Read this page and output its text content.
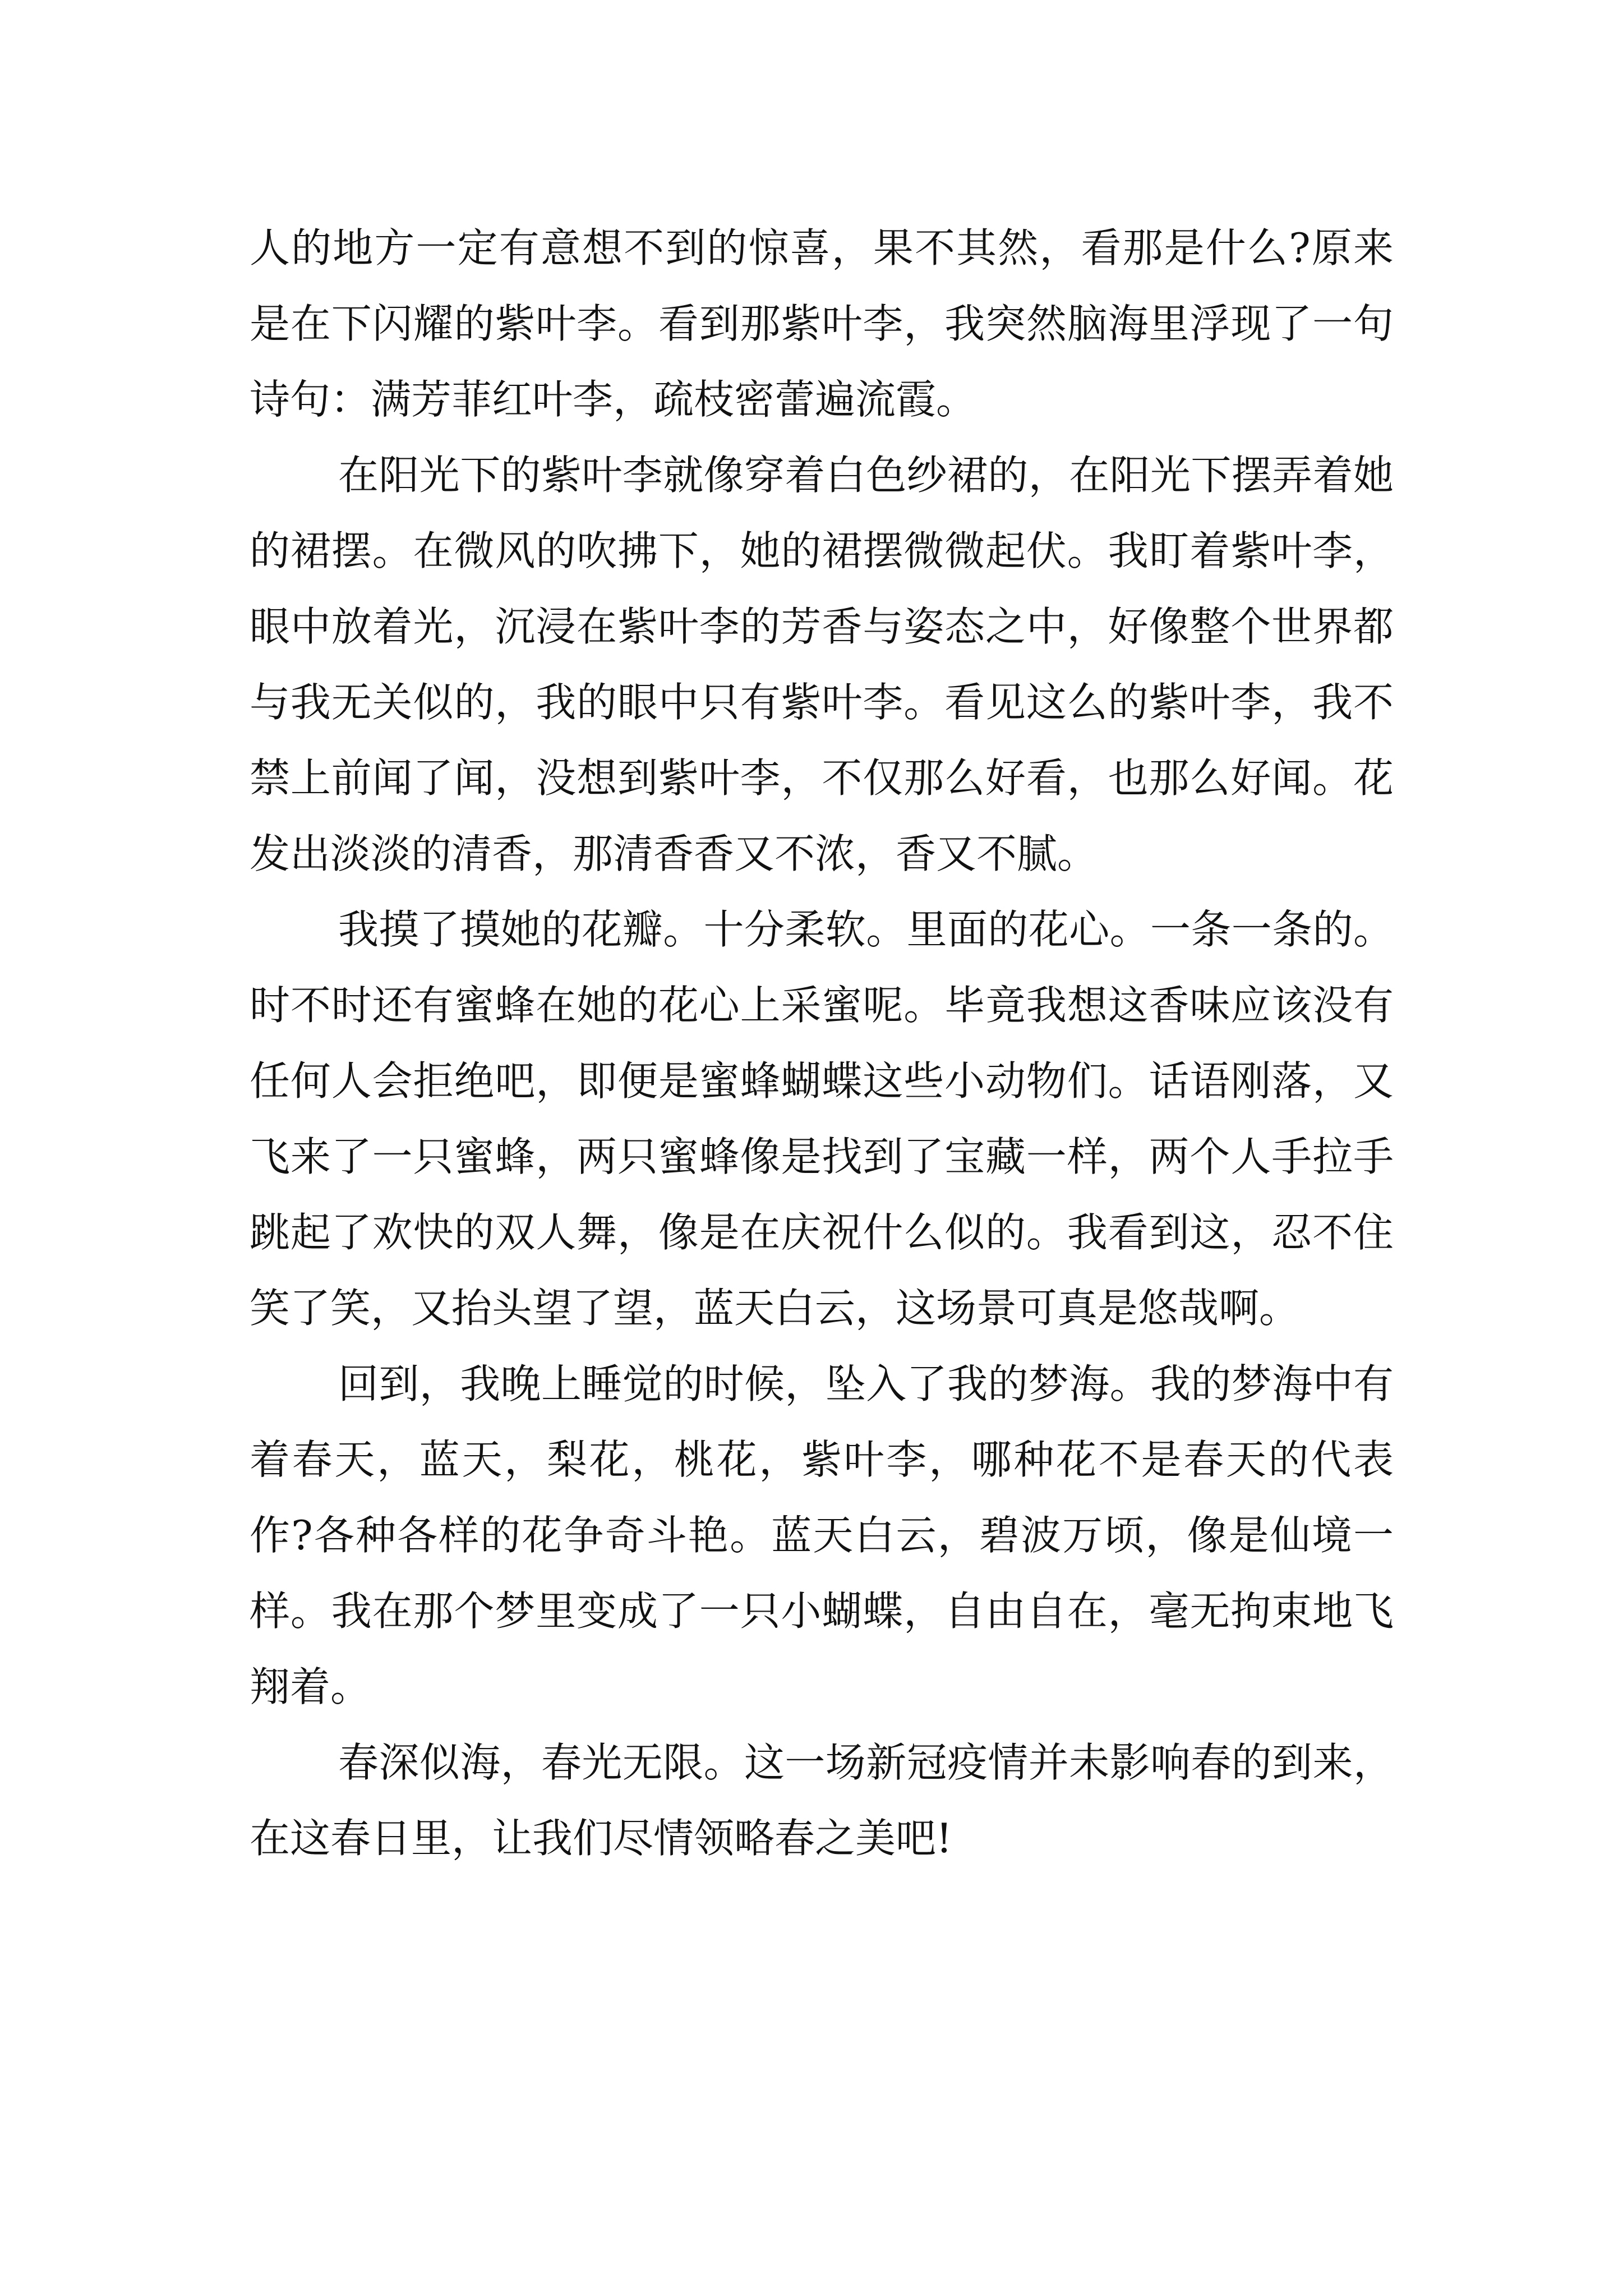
人的地方一定有意想不到的惊喜，果不其然，看那是什么?原来是在下闪耀的紫叶李。看到那紫叶李，我突然脑海里浮现了一句诗句：满芳菲红叶李，疏枝密蕾遍流霞。

在阳光下的紫叶李就像穿着白色纱裙的，在阳光下摆弄着她的裙摆。在微风的吹拂下，她的裙摆微微起伏。我盯着紫叶李，眼中放着光，沉浸在紫叶李的芳香与姿态之中，好像整个世界都与我无关似的，我的眼中只有紫叶李。看见这么的紫叶李，我不禁上前闻了闻，没想到紫叶李，不仅那么好看，也那么好闻。花发出淡淡的清香，那清香香又不浓，香又不腻。

我摸了摸她的花瓣。十分柔软。里面的花心。一条一条的。时不时还有蜜蜂在她的花心上采蜜呢。毕竟我想这香味应该没有任何人会拒绝吧，即便是蜜蜂蝴蝶这些小动物们。话语刚落，又飞来了一只蜜蜂，两只蜜蜂像是找到了宝藏一样，两个人手拉手跳起了欢快的双人舞，像是在庆祝什么似的。我看到这，忍不住笑了笑，又抬头望了望，蓝天白云，这场景可真是悠哉啊。

回到，我晚上睡觉的时候，坠入了我的梦海。我的梦海中有着春天，蓝天，梨花，桃花，紫叶李，哪种花不是春天的代表作?各种各样的花争奇斗艳。蓝天白云，碧波万顷，像是仙境一样。我在那个梦里变成了一只小蝴蝶，自由自在，毫无拘束地飞翔着。

春深似海，春光无限。这一场新冠疫情并未影响春的到来，在这春日里，让我们尽情领略春之美吧!
